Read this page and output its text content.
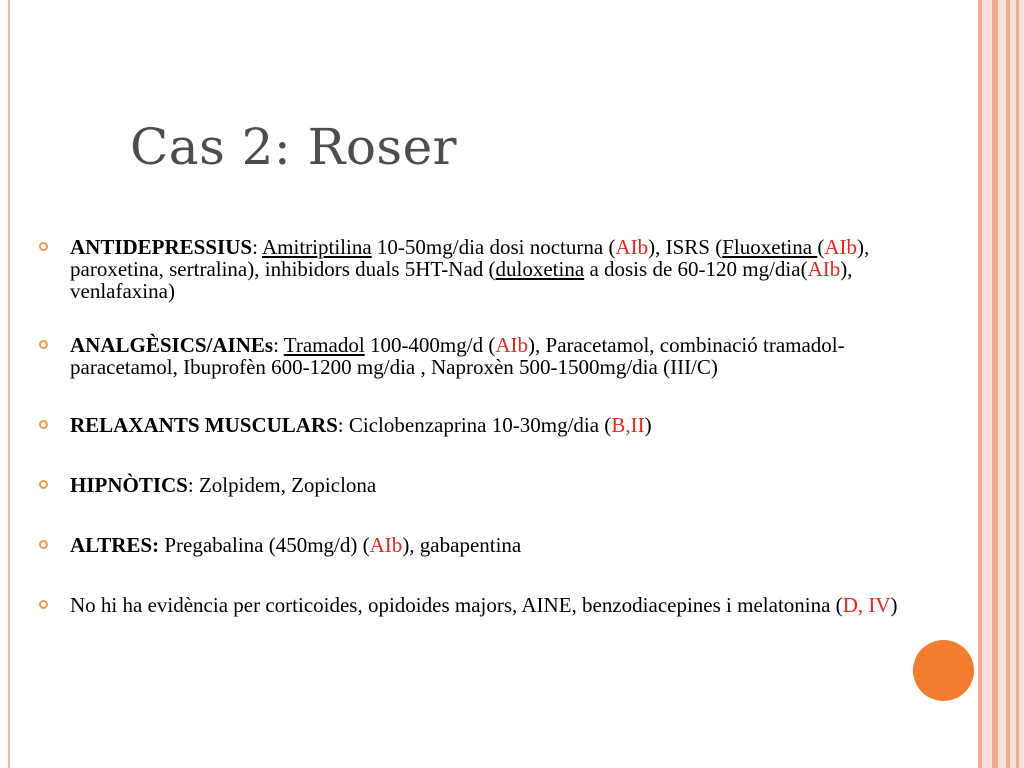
Cas 2: Roser
ANTIDEPRESSIUS: Amitriptilina 10-50mg/dia dosi nocturna (AIb), ISRS (Fluoxetina (AIb), paroxetina, sertralina), inhibidors duals 5HT-Nad (duloxetina a dosis de 60-120 mg/dia(AIb), venlafaxina)
ANALGÈSICS/AINEs: Tramadol 100-400mg/d (AIb), Paracetamol, combinació tramadol-paracetamol, Ibuprofèn 600-1200 mg/dia , Naproxèn 500-1500mg/dia (III/C)
RELAXANTS MUSCULARS: Ciclobenzaprina 10-30mg/dia (B,II)
HIPNÒTICS: Zolpidem, Zopiclona
ALTRES: Pregabalina (450mg/d) (AIb), gabapentina
No hi ha evidència per corticoides, opidoides majors, AINE, benzodiacepines i melatonina (D, IV)
